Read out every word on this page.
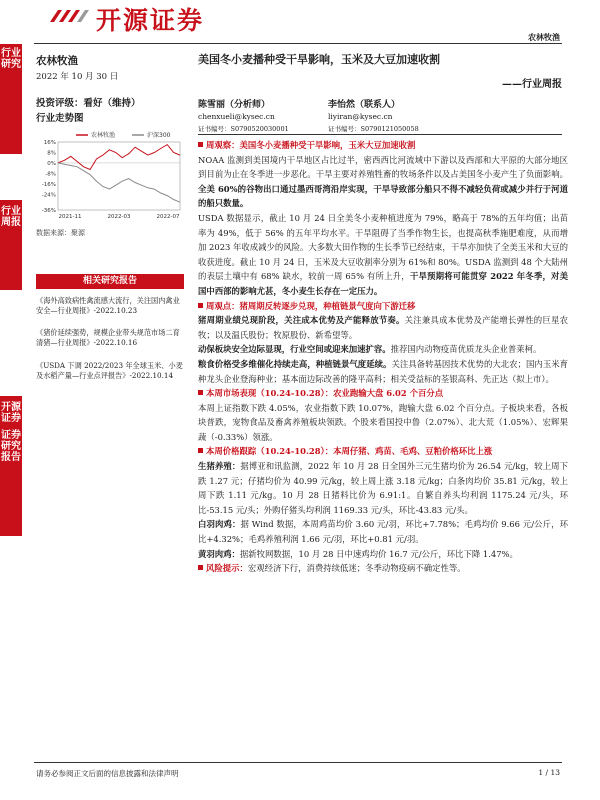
开源证券
农林牧渔
行业研究
行业周报
开源证券
证券研究报告
农林牧渔
2022 年 10 月 30 日
投资评级：看好（维持）
行业走势图
16%
8%
0%
-8%
-16%
-24%
-36%
2021-11	2022-03	2022-07
农林牧渔	沪深300
数据来源：聚源
相关研究报告
《海外高致病性禽流感大流行，关注国内禽业安全—行业周报》-2022.10.23
《猪价延续强势，规模企业带头规范市场二育清猪—行业周报》-2022.10.16
《USDA 下调 2022/2023 年全球玉米、小麦及水稻产量—行业点评报告》-2022.10.14
美国冬小麦播种受干旱影响，玉米及大豆加速收割
——行业周报
陈雪丽（分析师）	李怡然（联系人）
chenxueli@kysec.cn	liyiran@kysec.cn
证书编号：S0790520030001	证书编号：S0790121050058
周观察：美国冬小麦播种受干旱影响，玉米大豆加速收割
NOAA 监测到美国境内干旱地区占比过半，密西西比河流域中下游以及西部和大平原的大部分地区到目前为止在冬季进一步恶化。干旱主要对养殖牲畜的牧场条件以及占美国冬小麦产生了负面影响。全美 60%的谷物出口通过墨西哥湾沿岸实现，干旱导致部分船只不得不减轻负荷或减少并行于河道的船只数量。
USDA 数据显示，截止 10 月 24 日全美冬小麦种植进度为 79%，略高于 78%的五年均值；出苗率为 49%，低于 56% 的五年平均水平。干旱阻碍了当季作物生长，也提高秋季施肥难度，从而增加 2023 年收成减少的风险。大多数大田作物的生长季节已经结束，干旱亦加快了全美玉米和大豆的收获进度。截止 10 月 24 日，玉米及大豆收割率分别为 61%和 80%。USDA 监测到 48 个大陆州的表层土壤中有 68% 缺水，较前一周 65% 有所上升，干旱预期将可能贯穿 2022 年冬季，对美国中西部的影响尤甚，冬小麦生长存在一定压力。
周观点：猪周期反转逐步兑现，种植链景气度向下游迁移
猪周期业绩兑现阶段，关注成本优势及产能释放节奏。关注兼具成本优势及产能增长弹性的巨星农牧；以及温氏股份；牧原股份、新希望等。
动保板块安全边际显现，行业空间或迎来加速扩容。推荐国内动物疫苗优质龙头企业普莱柯。
粮食价格受多维催化持续走高，种植链景气度延续。关注具备转基因技术优势的大北农；国内玉米育种龙头企业登海种业；基本面边际改善的隆平高科；相关受益标的荃银高科、先正达（拟上市）。
本周市场表现（10.24-10.28）：农业跑输大盘 6.02 个百分点
本周上证指数下跌 4.05%，农业指数下跌 10.07%，跑输大盘 6.02 个百分点。子板块来看，各板块普跌，宠物食品及畜禽养殖板块领跌。个股来看国投中鲁（2.07%）、北大荒（1.05%）、宏辉果蔬（-0.33%）领涨。
本周价格跟踪（10.24-10.28）：本周仔猪、鸡苗、毛鸡、豆粕价格环比上涨
生猪养殖：据博亚和讯监测，2022 年 10 月 28 日全国外三元生猪均价为 26.54 元/kg，较上周下跌 1.27 元；仔猪均价为 40.99 元/kg，较上周上涨 3.18 元/kg；白条肉均价 35.81 元/kg，较上周下跌 1.11 元/kg。10 月 28 日猪料比价为 6.91:1。自繁自养头均利润 1175.24 元/头，环比-53.15 元/头；外购仔猪头均利润 1169.33 元/头，环比-43.83 元/头。
白羽肉鸡：据 Wind 数据，本周鸡苗均价 3.60 元/羽，环比+7.78%；毛鸡均价 9.66 元/公斤，环比+4.32%；毛鸡养殖利润 1.66 元/羽，环比+0.81 元/羽。
黄羽肉鸡：据新牧网数据，10 月 28 日中速鸡均价 16.7 元/公斤，环比下降 1.47%。
风险提示：宏观经济下行，消费持续低迷；冬季动物疫病不确定性等。
请务必参阅正文后面的信息披露和法律声明	1 / 13
